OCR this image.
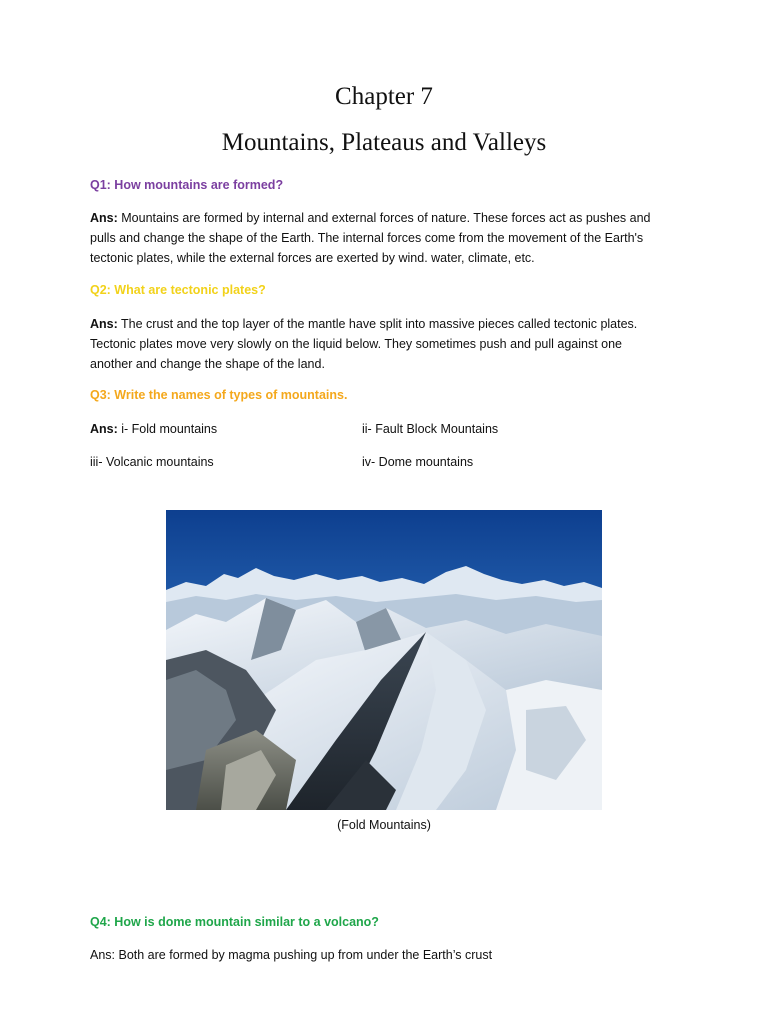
Chapter 7
Mountains, Plateaus and Valleys
Q1: How mountains are formed?
Ans: Mountains are formed by internal and external forces of nature. These forces act as pushes and
pulls and change the shape of the Earth. The internal forces come from the movement of the Earth's
tectonic plates, while the external forces are exerted by wind. water, climate, etc.
Q2: What are tectonic plates?
Ans: The crust and the top layer of the mantle have split into massive pieces called tectonic plates.
Tectonic plates move very slowly on the liquid below. They sometimes push and pull against one
another and change the shape of the land.
Q3: Write the names of types of mountains.
Ans: i- Fold mountains	ii- Fault Block Mountains
iii- Volcanic mountains	iv- Dome mountains
(Fold Mountains)
Q4: How is dome mountain similar to a volcano?
Ans: Both are formed by magma pushing up from under the Earth’s crust
